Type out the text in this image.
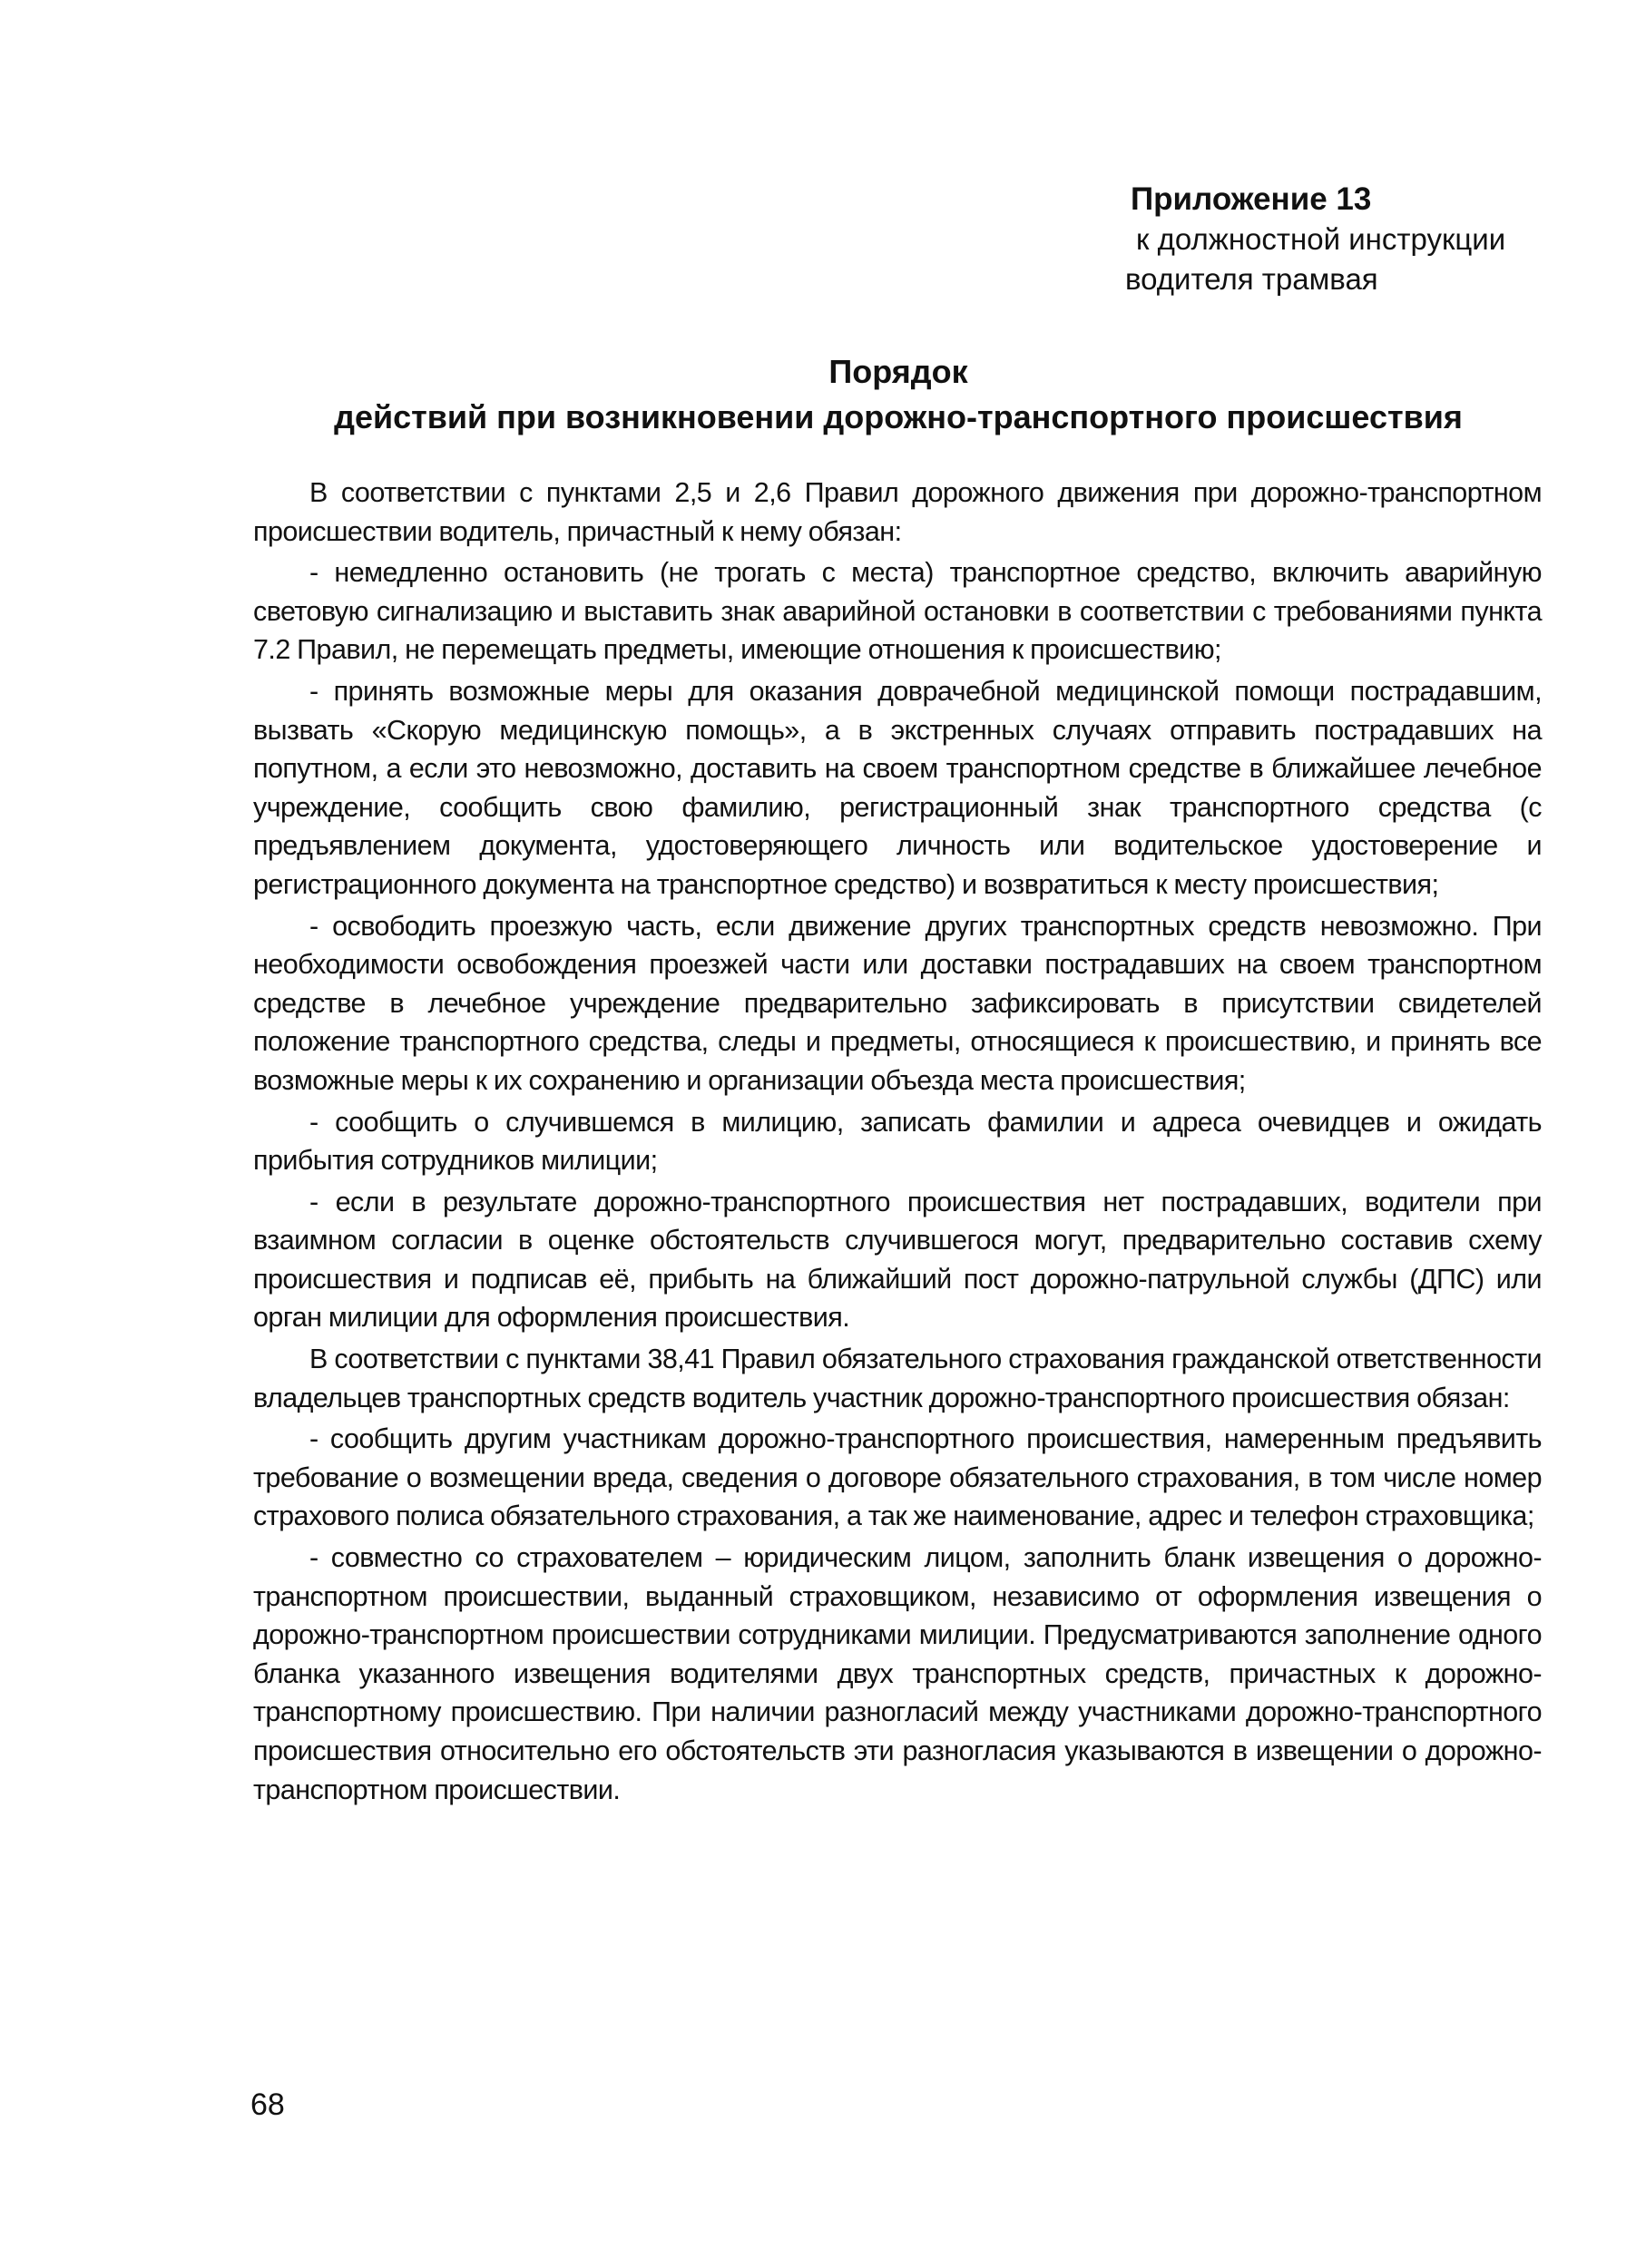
Приложение 13

к должностной инструкции

водителя трамвая

Порядок

действий при возникновении дорожно-транспортного происшествия

В соответствии с пунктами 2,5 и 2,6 Правил дорожного движения при дорожно-транспортном происшествии водитель, причастный к нему обязан:

- немедленно остановить (не трогать с места) транспортное средство, включить аварийную световую сигнализацию и выставить знак аварийной остановки в соответствии с требованиями пункта 7.2 Правил, не перемещать предметы, имеющие отношения к происшествию;

- принять возможные меры для оказания доврачебной медицинской помощи пострадавшим, вызвать «Скорую медицинскую помощь», а в экстренных случаях отправить пострадавших на попутном, а если это невозможно, доставить на своем транспортном средстве в ближайшее лечебное учреждение, сообщить свою фамилию, регистрационный знак транспортного средства (с предъявлением документа, удостоверяющего личность или водительское удостоверение и регистрационного документа на транспортное средство) и возвратиться к месту происшествия;

- освободить проезжую часть, если движение других транспортных средств невозможно. При необходимости освобождения проезжей части или доставки пострадавших на своем транспортном средстве в лечебное учреждение предварительно зафиксировать в присутствии свидетелей положение транспортного средства, следы и предметы, относящиеся к происшествию, и принять все возможные меры к их сохранению и организации объезда места происшествия;

- сообщить о случившемся в милицию, записать фамилии и адреса очевидцев и ожидать прибытия сотрудников милиции;

- если в результате дорожно-транспортного происшествия нет пострадавших, водители при взаимном согласии в оценке обстоятельств случившегося могут, предварительно составив схему происшествия и подписав её, прибыть на ближайший пост дорожно-патрульной службы (ДПС) или орган милиции для оформления происшествия.

В соответствии с пунктами 38,41 Правил обязательного страхования гражданской ответственности владельцев транспортных средств водитель участник дорожно-транспортного происшествия обязан:

- сообщить другим участникам дорожно-транспортного происшествия, намеренным предъявить требование о возмещении вреда, сведения о договоре обязательного страхования, в том числе номер страхового полиса обязательного страхования, а так же наименование, адрес и телефон страховщика;

- совместно со страхователем – юридическим лицом, заполнить бланк извещения о дорожно-транспортном происшествии, выданный страховщиком, независимо от оформления извещения о дорожно-транспортном происшествии сотрудниками милиции. Предусматриваются заполнение одного бланка указанного извещения водителями двух транспортных средств, причастных к дорожно-транспортному происшествию. При наличии разногласий между участниками дорожно-транспортного происшествия относительно его обстоятельств эти разногласия указываются в извещении о дорожно-транспортном происшествии.

68
